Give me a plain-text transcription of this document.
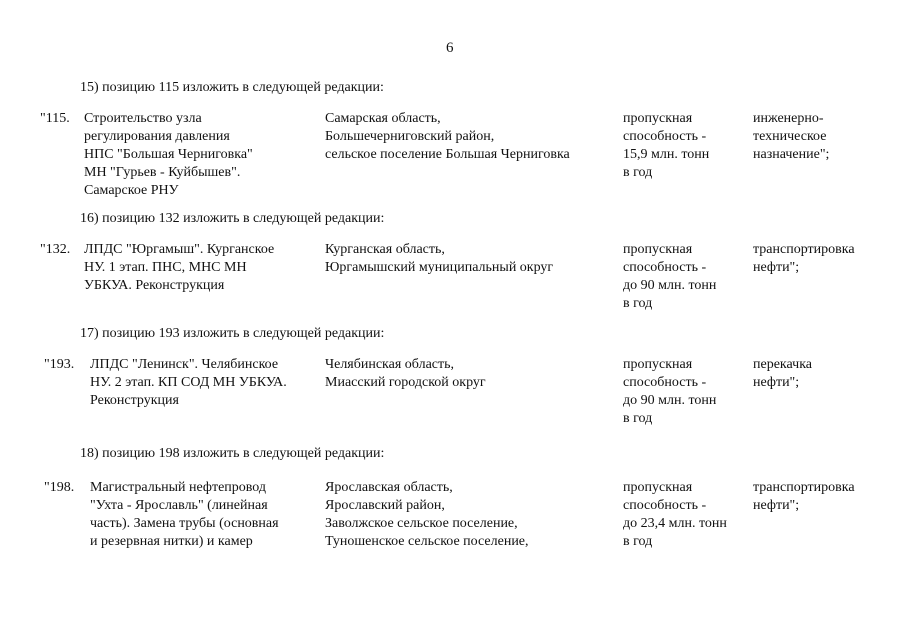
6
15) позицию 115 изложить в следующей редакции:
"115. Строительство узла
регулирования давления
НПС "Большая Черниговка"
МН "Гурьев - Куйбышев".
Самарское РНУ
Самарская область,
Большечерниговский район,
сельское поселение Большая Черниговка
пропускная
способность -
15,9 млн. тонн
в год
инженерно-
техническое
назначение";
16) позицию 132 изложить в следующей редакции:
"132. ЛПДС "Юргамыш". Курганское
НУ. 1 этап. ПНС, МНС МН
УБКУА. Реконструкция
Курганская область,
Юргамышский муниципальный округ
пропускная
способность -
до 90 млн. тонн
в год
транспортировка
нефти";
17) позицию 193 изложить в следующей редакции:
"193. ЛПДС "Ленинск". Челябинское
НУ. 2 этап. КП СОД МН УБКУА.
Реконструкция
Челябинская область,
Миасский городской округ
пропускная
способность -
до 90 млн. тонн
в год
перекачка
нефти";
18) позицию 198 изложить в следующей редакции:
"198. Магистральный нефтепровод
"Ухта - Ярославль" (линейная
часть). Замена трубы (основная
и резервная нитки) и камер
Ярославская область,
Ярославский район,
Заволжское сельское поселение,
Туношенское сельское поселение,
пропускная
способность -
до 23,4 млн. тонн
в год
транспортировка
нефти";
